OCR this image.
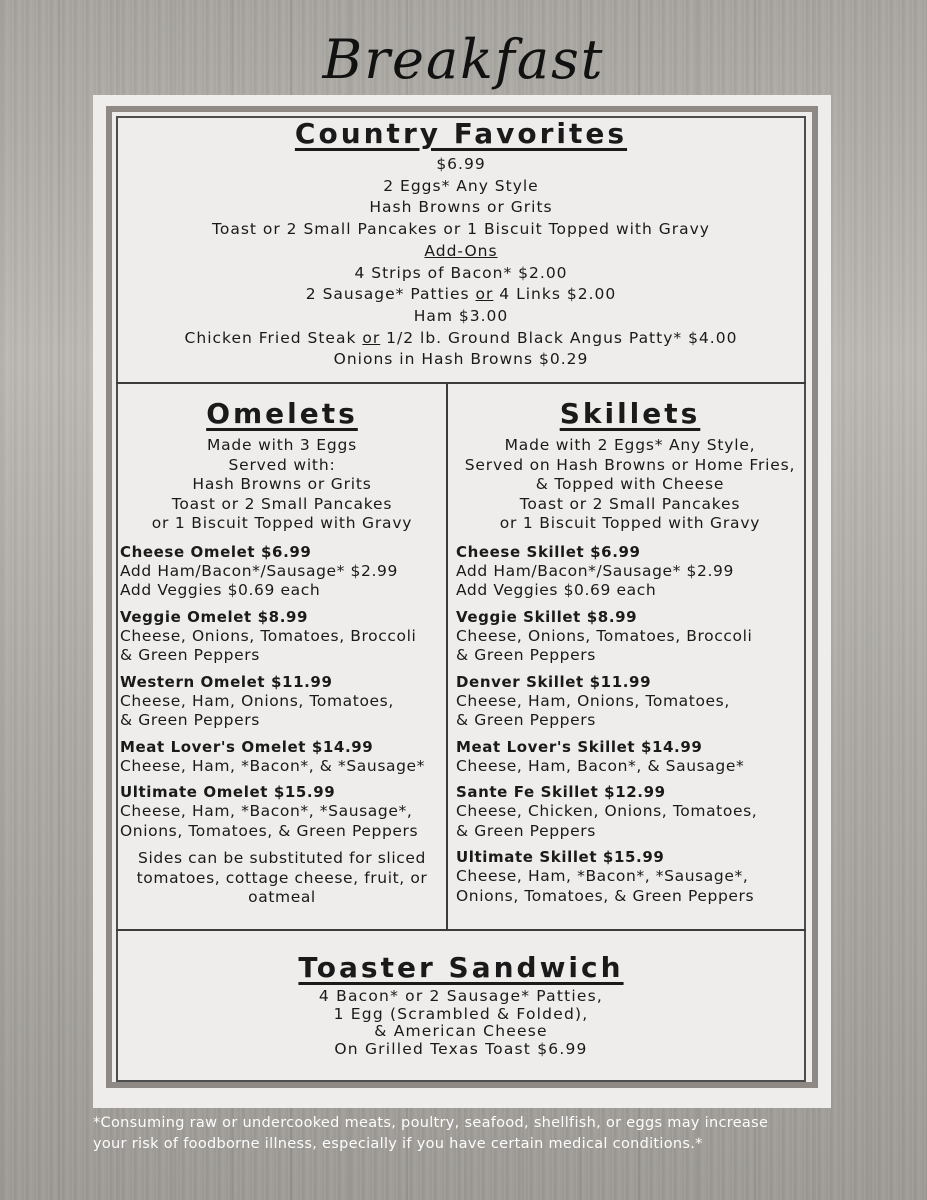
Breakfast
Country Favorites
$6.99
2 Eggs* Any Style
Hash Browns or Grits
Toast or 2 Small Pancakes or 1 Biscuit Topped with Gravy
Add-Ons
4 Strips of Bacon* $2.00
2 Sausage* Patties or 4 Links $2.00
Ham $3.00
Chicken Fried Steak or 1/2 lb. Ground Black Angus Patty* $4.00
Onions in Hash Browns $0.29
Omelets
Made with 3 Eggs
Served with:
Hash Browns or Grits
Toast or 2 Small Pancakes
or 1 Biscuit Topped with Gravy
Cheese Omelet $6.99
Add Ham/Bacon*/Sausage* $2.99
Add Veggies $0.69 each
Veggie Omelet $8.99
Cheese, Onions, Tomatoes, Broccoli
& Green Peppers
Western Omelet $11.99
Cheese, Ham, Onions, Tomatoes,
& Green Peppers
Meat Lover's Omelet $14.99
Cheese, Ham, *Bacon*, & *Sausage*
Ultimate Omelet $15.99
Cheese, Ham, *Bacon*, *Sausage*,
Onions, Tomatoes, & Green Peppers
Sides can be substituted for sliced
tomatoes, cottage cheese, fruit, or
oatmeal
Skillets
Made with 2 Eggs* Any Style,
Served on Hash Browns or Home Fries,
& Topped with Cheese
Toast or 2 Small Pancakes
or 1 Biscuit Topped with Gravy
Cheese Skillet $6.99
Add Ham/Bacon*/Sausage* $2.99
Add Veggies $0.69 each
Veggie Skillet $8.99
Cheese, Onions, Tomatoes, Broccoli
& Green Peppers
Denver Skillet $11.99
Cheese, Ham, Onions, Tomatoes,
& Green Peppers
Meat Lover's Skillet $14.99
Cheese, Ham, Bacon*, & Sausage*
Sante Fe Skillet $12.99
Cheese, Chicken, Onions, Tomatoes,
& Green Peppers
Ultimate Skillet $15.99
Cheese, Ham, *Bacon*, *Sausage*,
Onions, Tomatoes, & Green Peppers
Toaster Sandwich
4 Bacon* or 2 Sausage* Patties,
1 Egg (Scrambled & Folded),
& American Cheese
On Grilled Texas Toast $6.99
*Consuming raw or undercooked meats, poultry, seafood, shellfish, or eggs may increase your risk of foodborne illness, especially if you have certain medical conditions.*
